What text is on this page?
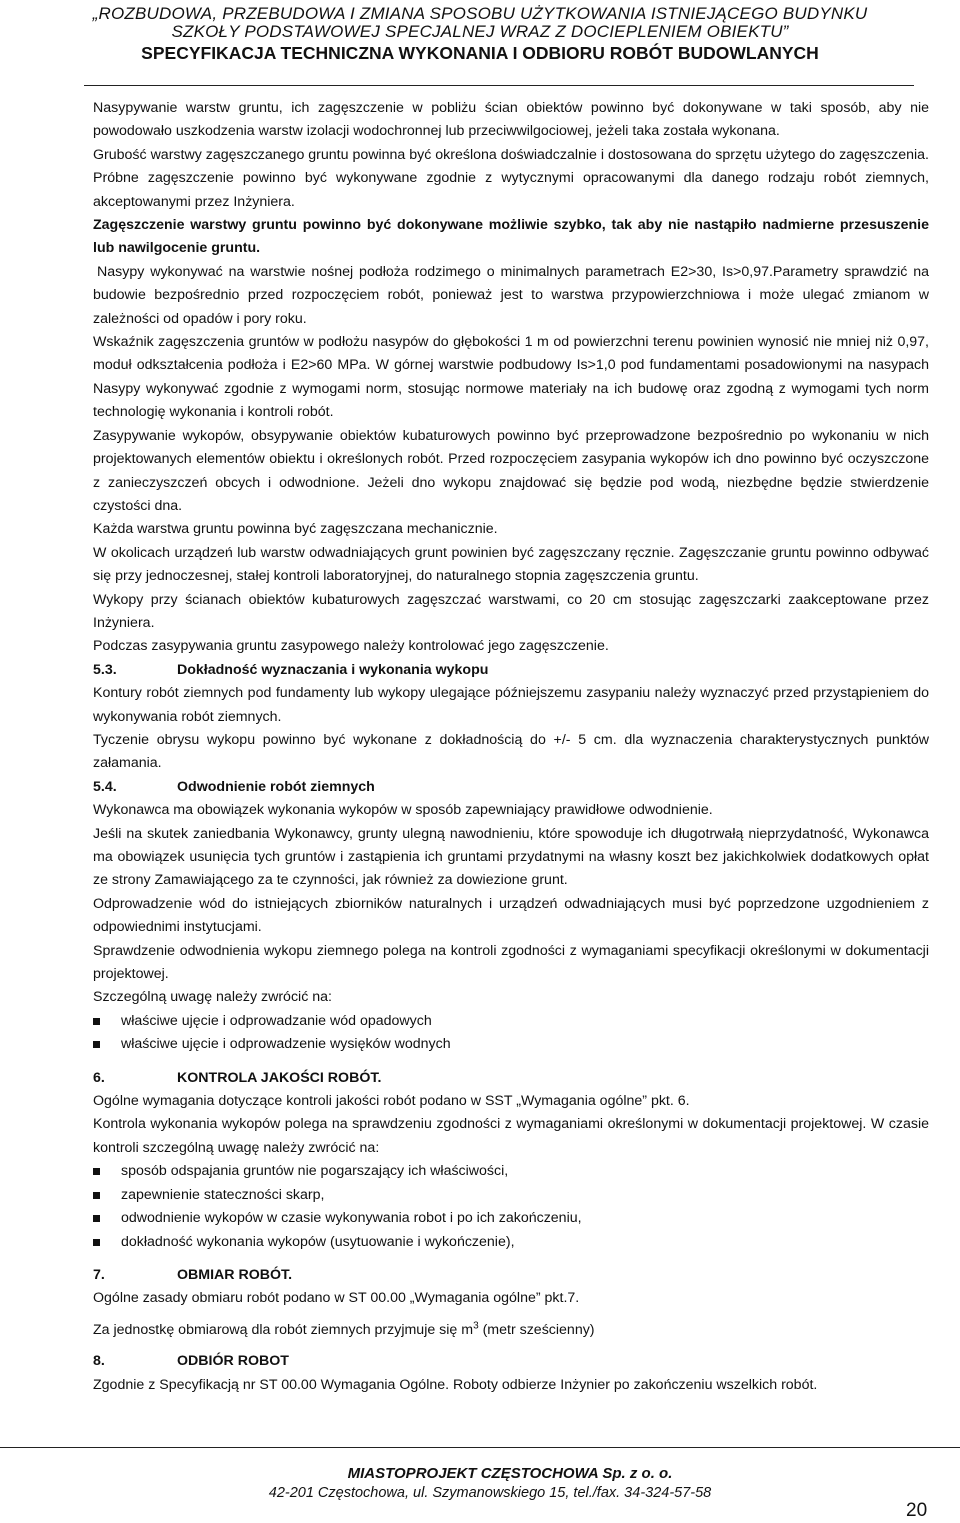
„ROZBUDOWA, PRZEBUDOWA I ZMIANA SPOSOBU UŻYTKOWANIA ISTNIEJĄCEGO BUDYNKU
SZKOŁY PODSTAWOWEJ SPECJALNEJ WRAZ Z DOCIEPLENIEM OBIEKTU”
SPECYFIKACJA TECHNICZNA WYKONANIA I ODBIORU ROBÓT BUDOWLANYCH

Nasypywanie warstw gruntu, ich zagęszczenie w pobliżu ścian obiektów powinno być dokonywane w taki sposób, aby nie powodowało uszkodzenia warstw izolacji wodochronnej lub przeciwwilgociowej, jeżeli taka została wykonana.

Grubość warstwy zagęszczanego gruntu powinna być określona doświadczalnie i dostosowana do sprzętu użytego do zagęszczenia. Próbne zagęszczenie powinno być wykonywane zgodnie z wytycznymi opracowanymi dla danego rodzaju robót ziemnych, akceptowanymi przez Inżyniera.

Zagęszczenie warstwy gruntu powinno być dokonywane możliwie szybko, tak aby nie nastąpiło nadmierne przesuszenie lub nawilgocenie gruntu.

Nasypy wykonywać na warstwie nośnej podłoża rodzimego o minimalnych parametrach E2>30, Is>0,97.Parametry sprawdzić na budowie bezpośrednio przed rozpoczęciem robót, ponieważ jest to warstwa przypowierzchniowa i może ulegać zmianom w zależności od opadów i pory roku.

Wskaźnik zagęszczenia gruntów w podłożu nasypów do głębokości 1 m od powierzchni terenu powinien wynosić nie mniej niż 0,97, moduł odkształcenia podłoża i E2>60 MPa. W górnej warstwie podbudowy Is>1,0 pod fundamentami posadowionymi na nasypach Nasypy wykonywać zgodnie z wymogami norm, stosując normowe materiały na ich budowę oraz zgodną z wymogami tych norm technologię wykonania i kontroli robót.

Zasypywanie wykopów, obsypywanie obiektów kubaturowych powinno być przeprowadzone bezpośrednio po wykonaniu w nich projektowanych elementów obiektu i określonych robót. Przed rozpoczęciem zasypania wykopów ich dno powinno być oczyszczone z zanieczyszczeń obcych i odwodnione. Jeżeli dno wykopu znajdować się będzie pod wodą, niezbędne będzie stwierdzenie czystości dna.

Każda warstwa gruntu powinna być zagęszczana mechanicznie.

W okolicach urządzeń lub warstw odwadniających grunt powinien być zagęszczany ręcznie. Zagęszczanie gruntu powinno odbywać się przy jednoczesnej, stałej kontroli laboratoryjnej, do naturalnego stopnia zagęszczenia gruntu.

Wykopy przy ścianach obiektów kubaturowych zagęszczać warstwami, co 20 cm stosując zagęszczarki zaakceptowane przez Inżyniera.

Podczas zasypywania gruntu zasypowego należy kontrolować jego zagęszczenie.

5.3.	Dokładność wyznaczania i wykonania wykopu

Kontury robót ziemnych pod fundamenty lub wykopy ulegające późniejszemu zasypaniu należy wyznaczyć przed przystąpieniem do wykonywania robót ziemnych.

Tyczenie obrysu wykopu powinno być wykonane z dokładnością do +/- 5 cm. dla wyznaczenia charakterystycznych punktów załamania.

5.4.	Odwodnienie robót ziemnych

Wykonawca ma obowiązek wykonania wykopów w sposób zapewniający prawidłowe odwodnienie.

Jeśli na skutek zaniedbania Wykonawcy, grunty ulegną nawodnieniu, które spowoduje ich długotrwałą nieprzydatność, Wykonawca ma obowiązek usunięcia tych gruntów i zastąpienia ich gruntami przydatnymi na własny koszt bez jakichkolwiek dodatkowych opłat ze strony Zamawiającego za te czynności, jak również za dowiezione grunt.

Odprowadzenie wód do istniejących zbiorników naturalnych i urządzeń odwadniających musi być poprzedzone uzgodnieniem z odpowiednimi instytucjami.

Sprawdzenie odwodnienia wykopu ziemnego polega na kontroli zgodności z wymaganiami specyfikacji określonymi w dokumentacji projektowej.

Szczególną uwagę należy zwrócić na:

właściwe ujęcie i odprowadzanie wód opadowych
właściwe ujęcie i odprowadzenie wysięków wodnych

6.	KONTROLA JAKOŚCI ROBÓT.

Ogólne wymagania dotyczące kontroli jakości robót podano w SST „Wymagania ogólne” pkt. 6.

Kontrola wykonania wykopów polega na sprawdzeniu zgodności z wymaganiami określonymi w dokumentacji projektowej. W czasie kontroli szczególną uwagę należy zwrócić na:

sposób odspajania gruntów nie pogarszający ich właściwości,
zapewnienie stateczności skarp,
odwodnienie wykopów w czasie wykonywania robot i po ich zakończeniu,
dokładność wykonania wykopów (usytuowanie i wykończenie),

7.	OBMIAR ROBÓT.

Ogólne zasady obmiaru robót podano w ST 00.00 „Wymagania ogólne” pkt.7.

Za jednostkę obmiarową dla robót ziemnych przyjmuje się $m^3$ (metr sześcienny)

8.	ODBIÓR ROBOT

Zgodnie z Specyfikacją nr ST 00.00 Wymagania Ogólne. Roboty odbierze Inżynier po zakończeniu wszelkich robót.

MIASTOPROJEKT CZĘSTOCHOWA Sp. z o. o.
42-201 Częstochowa, ul. Szymanowskiego 15, tel./fax. 34-324-57-58
20
